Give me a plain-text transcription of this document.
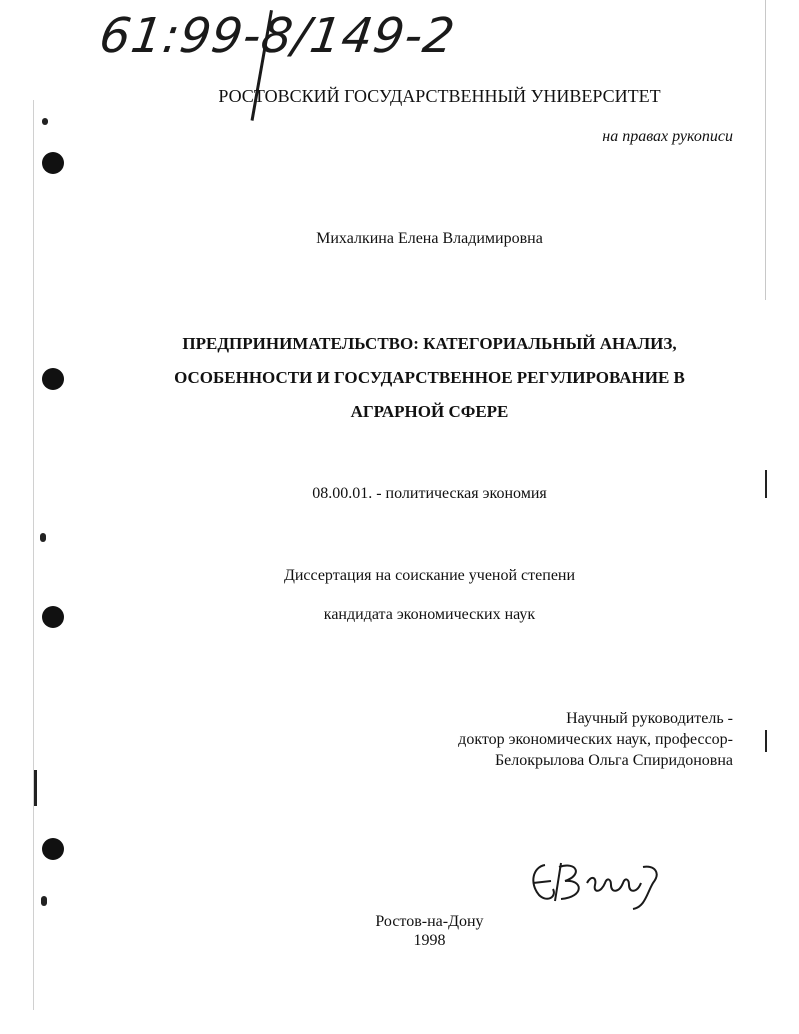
61:99-8/149-2
РОСТОВСКИЙ ГОСУДАРСТВЕННЫЙ УНИВЕРСИТЕТ
на правах рукописи
Михалкина Елена Владимировна
ПРЕДПРИНИМАТЕЛЬСТВО: КАТЕГОРИАЛЬНЫЙ АНАЛИЗ,
ОСОБЕННОСТИ И ГОСУДАРСТВЕННОЕ РЕГУЛИРОВАНИЕ В
АГРАРНОЙ СФЕРЕ
08.00.01. - политическая экономия
Диссертация на соискание ученой степени
кандидата экономических наук
Научный руководитель -
доктор экономических наук, профессор-
Белокрылова Ольга Спиридоновна
Ростов-на-Дону
1998
